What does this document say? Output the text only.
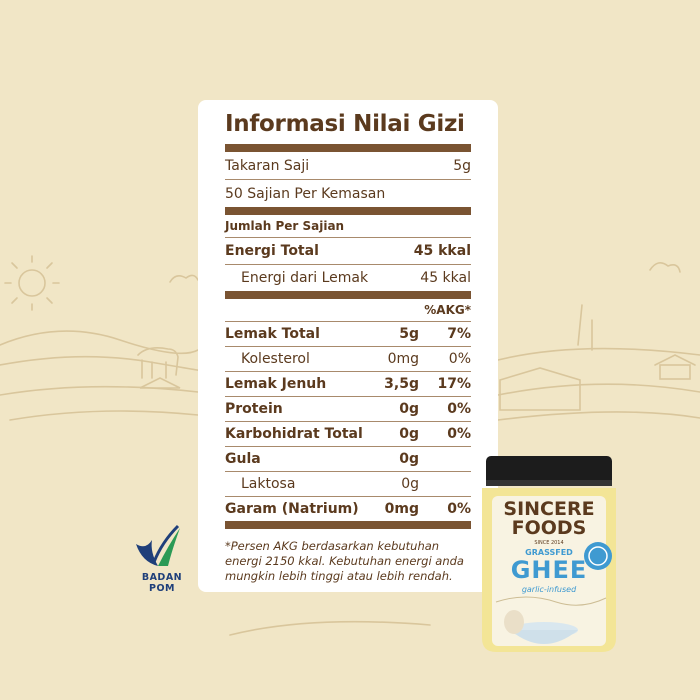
Informasi Nilai Gizi
Takaran Saji	5g
50 Sajian Per Kemasan
Jumlah Per Sajian
Energi Total	45 kkal
Energi dari Lemak	45 kkal
%AKG*
Lemak Total	5g	7%
Kolesterol	0mg	0%
Lemak Jenuh	3,5g	17%
Protein	0g	0%
Karbohidrat Total	0g	0%
Gula	0g
Laktosa	0g
Garam (Natrium)	0mg	0%
*Persen AKG berdasarkan kebutuhan energi 2150 kkal. Kebutuhan energi anda mungkin lebih tinggi atau lebih rendah.
BADAN POM
SINCERE
FOODS
SINCE 2014
GRASSFED
GHEE
garlic-infused
